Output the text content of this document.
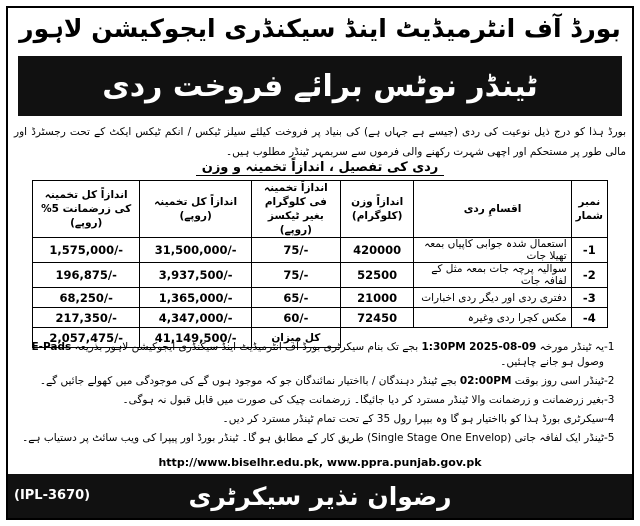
بورڈ آف انٹرمیڈیٹ اینڈ سیکنڈری ایجوکیشن لاہور
ٹینڈر نوٹس برائے فروخت ردی
بورڈ ہذا کو درج ذیل نوعیت کی ردی (جیسے ہے جہاں ہے) کی بنیاد پر فروخت کیلئے سیلز ٹیکس / انکم ٹیکس ایکٹ کے تحت رجسٹرڈ اور مالی طور پر مستحکم اور اچھی شہرت رکھنے والی فرموں سے سربمہر ٹینڈر مطلوب ہیں۔
ردی کی تفصیل ، اندازاً تخمینہ و وزن
نمبر شمار	اقسامِ ردی	اندازاً وزن (کلوگرام)	اندازاً تخمینہ فی کلوگرام بغیر ٹیکسز (روپے)	اندازاً کل تخمینہ (روپے)	اندازاً کل تخمینہ کی زرضمانت 5% (روپے)
-1	استعمال شدہ جوابی کاپیاں بمعہ تھیلا جات	420000	75/-	31,500,000/-	1,575,000/-
-2	سوالیہ پرچہ جات بمعہ مثل کے لفافہ جات	52500	75/-	3,937,500/-	196,875/-
-3	دفتری ردی اور دیگر ردی اخبارات	21000	65/-	1,365,000/-	68,250/-
-4	مکس کچرا ردی وغیرہ	72450	60/-	4,347,000/-	217,350/-
			کل میزان	41,149,500/-	2,057,475/-
-1
یہ ٹینڈر مورخہ 09-08-2025 1:30PM بجے تک بنام سیکرٹری بورڈ آف انٹرمیڈیٹ اینڈ سیکنڈری ایجوکیشن لاہور بذریعہ E-Pads وصول ہو جانے چاہئیں۔
-2
ٹینڈر اسی روز بوقت 02:00PM بجے ٹینڈر دہندگان / بااختیار نمائندگان جو کہ موجود ہوں گے کی موجودگی میں کھولے جائیں گے۔
-3
بغیر زرضمانت و زرضمانت والا ٹینڈر مسترد کر دیا جائیگا۔ زرضمانت چیک کی صورت میں قابل قبول نہ ہوگی۔
-4
سیکرٹری بورڈ ہذا کو بااختیار ہو گا وہ بیپرا رول 35 کے تحت تمام ٹینڈر مسترد کر دیں۔
-5
ٹینڈر ایک لفافہ جاتی (Single Stage One Envelop) طریق کار کے مطابق ہو گا۔ ٹینڈر بورڈ اور پیپرا کی ویب سائٹ پر دستیاب ہے۔
http://www.biselhr.edu.pk, www.ppra.punjab.gov.pk
رضوان نذیر سیکرٹری
(IPL-3670)
